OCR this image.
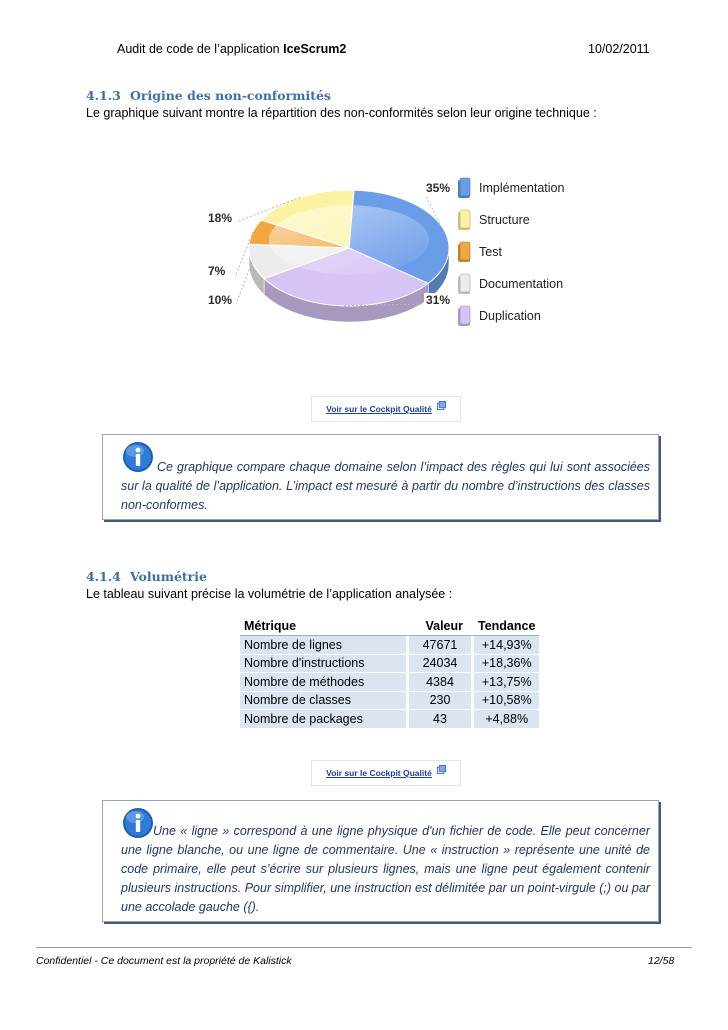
Audit de code de l’application IceScrum2	10/02/2011
4.1.3 Origine des non-conformités
Le graphique suivant montre la répartition des non-conformités selon leur origine technique :
35%
31%
10%
7%
18%
Implémentation
Structure
Test
Documentation
Duplication
Voir sur le Cockpit Qualité
Ce graphique compare chaque domaine selon l’impact des règles qui lui sont associées sur la qualité de l’application. L’impact est mesuré à partir du nombre d’instructions des classes non-conformes.
4.1.4 Volumétrie
Le tableau suivant précise la volumétrie de l’application analysée :
Métrique		Valeur		Tendance
Nombre de lignes		47671		+14,93%
Nombre d'instructions		24034		+18,36%
Nombre de méthodes		4384		+13,75%
Nombre de classes		230		+10,58%
Nombre de packages		43		+4,88%
Voir sur le Cockpit Qualité
Une « ligne » correspond à une ligne physique d'un fichier de code. Elle peut concerner une ligne blanche, ou une ligne de commentaire. Une « instruction » représente une unité de code primaire, elle peut s’écrire sur plusieurs lignes, mais une ligne peut également contenir plusieurs instructions. Pour simplifier, une instruction est délimitée par un point-virgule (;) ou par une accolade gauche ({).
Confidentiel - Ce document est la propriété de Kalistick	12/58
